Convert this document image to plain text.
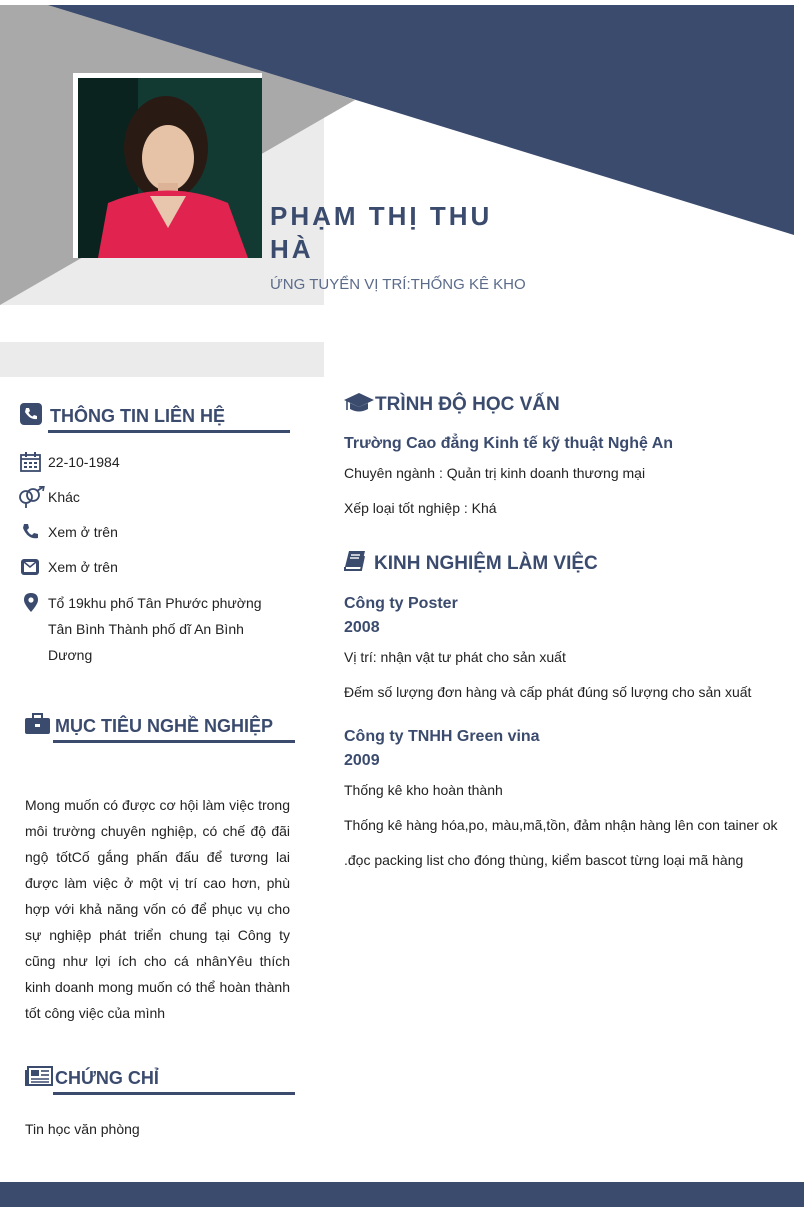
PHẠM THỊ THU
HÀ
ỨNG TUYỂN VỊ TRÍ:THỐNG KÊ KHO
THÔNG TIN LIÊN HỆ
22-10-1984
Khác
Xem ở trên
Xem ở trên
Tổ 19khu phố Tân Phước phường Tân Bình Thành phố dĩ An Bình Dương
MỤC TIÊU NGHỀ NGHIỆP
Mong muốn có được cơ hội làm việc trong môi trường chuyên nghiệp, có chế độ đãi ngộ tốtCố gắng phấn đấu để tương lai được làm việc ở một vị trí cao hơn, phù hợp với khả năng vốn có để phục vụ cho sự nghiệp phát triển chung tại Công ty cũng như lợi ích cho cá nhânYêu thích kinh doanh mong muốn có thể hoàn thành tốt công việc của mình
CHỨNG CHỈ
Tin học văn phòng
TRÌNH ĐỘ HỌC VẤN
Trường Cao đẳng Kinh tế kỹ thuật Nghệ An
Chuyên ngành : Quản trị kinh doanh thương mại
Xếp loại tốt nghiệp : Khá
KINH NGHIỆM LÀM VIỆC
Công ty Poster
2008
Vị trí: nhận vật tư phát cho sản xuất
Đếm số lượng đơn hàng và cấp phát đúng số lượng cho sản xuất
Công ty TNHH Green vina
2009
Thống kê kho hoàn thành
Thống kê hàng hóa,po, màu,mã,tồn, đảm nhận hàng lên con tainer ok
.đọc packing list cho đóng thùng, kiểm bascot từng loại mã hàng
